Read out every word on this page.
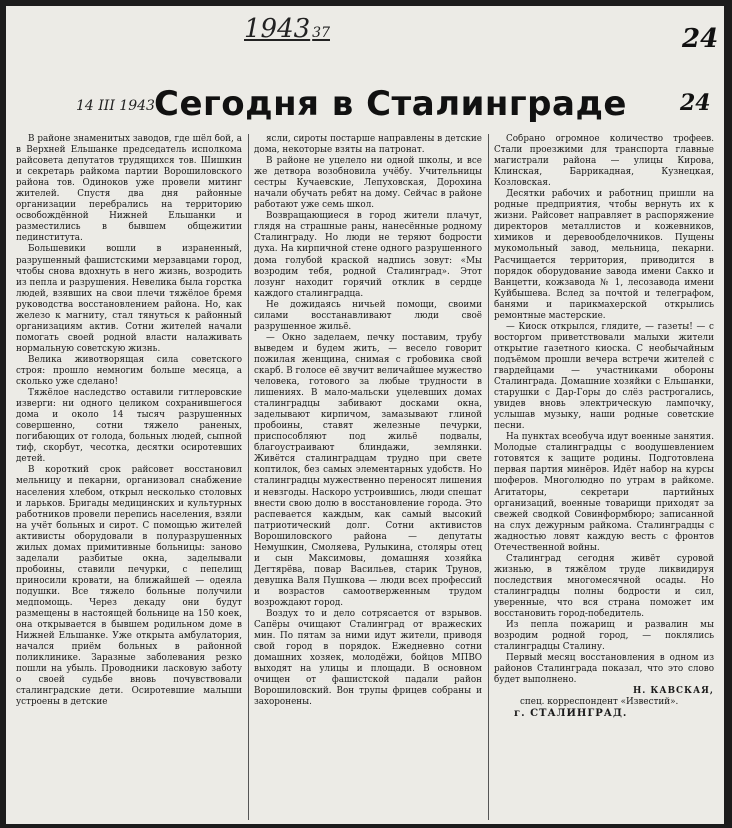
1943 37	24
24
14 III 1943 Сегодня в Сталинграде

В районе знаменитых заводов, где шёл бой, а в Верхней Ельшанке председатель исполкома райсовета депутатов трудящихся тов. Шишкин и секретарь райкома партии Ворошиловского района тов. Одиноков уже провели митинг жителей. Спустя два дня районные организации перебрались на территорию освобождённой Нижней Ельшанки и разместились в бывшем общежитии пединститута.

Большевики вошли в израненный, разрушенный фашистскими мерзавцами город, чтобы снова вдохнуть в него жизнь, возродить из пепла и разрушения. Невелика была горстка людей, взявших на свои плечи тяжёлое бремя руководства восстановлением района. Но, как железо к магниту, стал тянуться к районный организациям актив. Сотни жителей начали помогать своей родной власти налаживать нормальную советскую жизнь.

Велика животворящая сила советского строя: прошло немногим больше месяца, а сколько уже сделано!

Тяжёлое наследство оставили гитлеровские изверги: ни одного целиком сохранившегося дома и около 14 тысяч разрушенных совершенно, сотни тяжело раненых, погибающих от голода, больных людей, сыпной тиф, скорбут, чесотка, десятки осиротевших детей.

В короткий срок райсовет восстановил мельницу и пекарни, организовал снабжение населения хлебом, открыл несколько столовых и ларьков. Бригады медицинских и культурных работников провели перепись населения, взяли на учёт больных и сирот. С помощью жителей активисты оборудовали в полуразрушенных жилых домах примитивные больницы: заново заделали разбитые окна, заделывали пробоины, ставили печурки, с пепелищ приносили кровати, на ближайшей — одеяла подушки. Все тяжело больные получили медпомощь. Через декаду они будут размещены в настоящей больнице на 150 коек, она открывается в бывшем родильном доме в Нижней Ельшанке. Уже открыта амбулатория, начался приём больных в районной поликлинике. Заразные заболевания резко пошли на убыль. Проводники ласковую заботу о своей судьбе вновь почувствовали сталинградские дети. Осиротевшие малыши устроены в детские

ясли, сироты постарше направлены в детские дома, некоторые взяты на патронат.

В районе не уцелело ни одной школы, и все же детвора возобновила учёбу. Учительницы сестры Кучаевские, Лепуховская, Дорохина начали обучать ребят на дому. Сейчас в районе работают уже семь школ.

Возвращающиеся в город жители плачут, глядя на страшные раны, нанесённые родному Сталинграду. Но люди не теряют бодрости духа. На кирпичной стене одного разрушенного дома голубой краской надпись зовут: «Мы возродим тебя, родной Сталинград». Этот лозунг находит горячий отклик в сердце каждого сталинградца.

Не дожидаясь ничьей помощи, своими силами восстанавливают люди своё разрушенное жильё.

— Окно заделаем, печку поставим, трубу выведем и будем жить, — весело говорит пожилая женщина, снимая с гробовика свой скарб. В голосе её звучит величайшее мужество человека, готового за любые трудности в лишениях. В мало-мальски уцелевших домах сталинградцы забивают досками окна, заделывают кирпичом, замазывают глиной пробоины, ставят железные печурки, приспособляют под жильё подвалы, благоустраивают блиндажи, землянки. Живётся сталинградцам трудно при свете коптилок, без самых элементарных удобств. Но сталинградцы мужественно переносят лишения и невзгоды. Наскоро устроившись, люди спешат внести свою долю в восстановление города. Это распевается каждым, как самый высокий патриотический долг. Сотни активистов Ворошиловского района — депутаты Немушкин, Смоляева, Рулыкина, столяры отец и сын Максимовы, домашняя хозяйка Дегтярёва, повар Васильев, старик Трунов, девушка Валя Пушкова — люди всех профессий и возрастов самоотверженным трудом возрождают город.

Воздух то и дело сотрясается от взрывов. Сапёры очищают Сталинград от вражеских мин. По пятам за ними идут жители, приводя свой город в порядок. Ежедневно сотни домашних хозяек, молодёжи, бойцов МПВО выходят на улицы и площади. В основном очищен от фашистской падали район Ворошиловский. Вон трупы фрицев собраны и захоронены.

Собрано огромное количество трофеев. Стали проезжими для транспорта главные магистрали района — улицы Кирова, Клинская, Баррикадная, Кузнецкая, Козловская.

Десятки рабочих и работниц пришли на родные предприятия, чтобы вернуть их к жизни. Райсовет направляет в распоряжение директоров металлистов и кожевников, химиков и деревообделочников. Пущены мукомольный завод, мельница, пекарни. Расчищается территория, приводится в порядок оборудование завода имени Сакко и Ванцетти, кожзавода № 1, лесозавода имени Куйбышева. Вслед за почтой и телеграфом, банями и парикмахерской открылись ремонтные мастерские.

— Киоск открылся, глядите, — газеты! — с восторгом приветствовали малыхи жители открытие газетного киоска. С необычайным подъёмом прошли вечера встречи жителей с гвардейцами — участниками обороны Сталинграда. Домашние хозяйки с Ельшанки, старушки с Дар-Горы до слёз растрогались, увидев вновь электрическую лампочку, услышав музыку, наши родные советские песни.

На пунктах всеобуча идут военные занятия. Молодые сталинградцы с воодушевлением готовятся к защите родины. Подготовлена первая партия минёров. Идёт набор на курсы шоферов. Многолюдно по утрам в райкоме. Агитаторы, секретари партийных организаций, военные товарищи приходят за свежей сводкой Совинформбюро; записанной на слух дежурным райкома. Сталинградцы с жадностью ловят каждую весть с фронтов Отечественной войны.

Сталинград сегодня живёт суровой жизнью, в тяжёлом труде ликвидируя последствия многомесячной осады. Но сталинградцы полны бодрости и сил, уверенные, что вся страна поможет им восстановить город-победитель.

Из пепла пожарищ и развалин мы возродим родной город, — поклялись сталинградцы Сталину.

Первый месяц восстановления в одном из районов Сталинграда показал, что это слово будет выполнено.

Н. КАВСКАЯ,

спец. корреспондент «Известий».

г. СТАЛИНГРАД.
